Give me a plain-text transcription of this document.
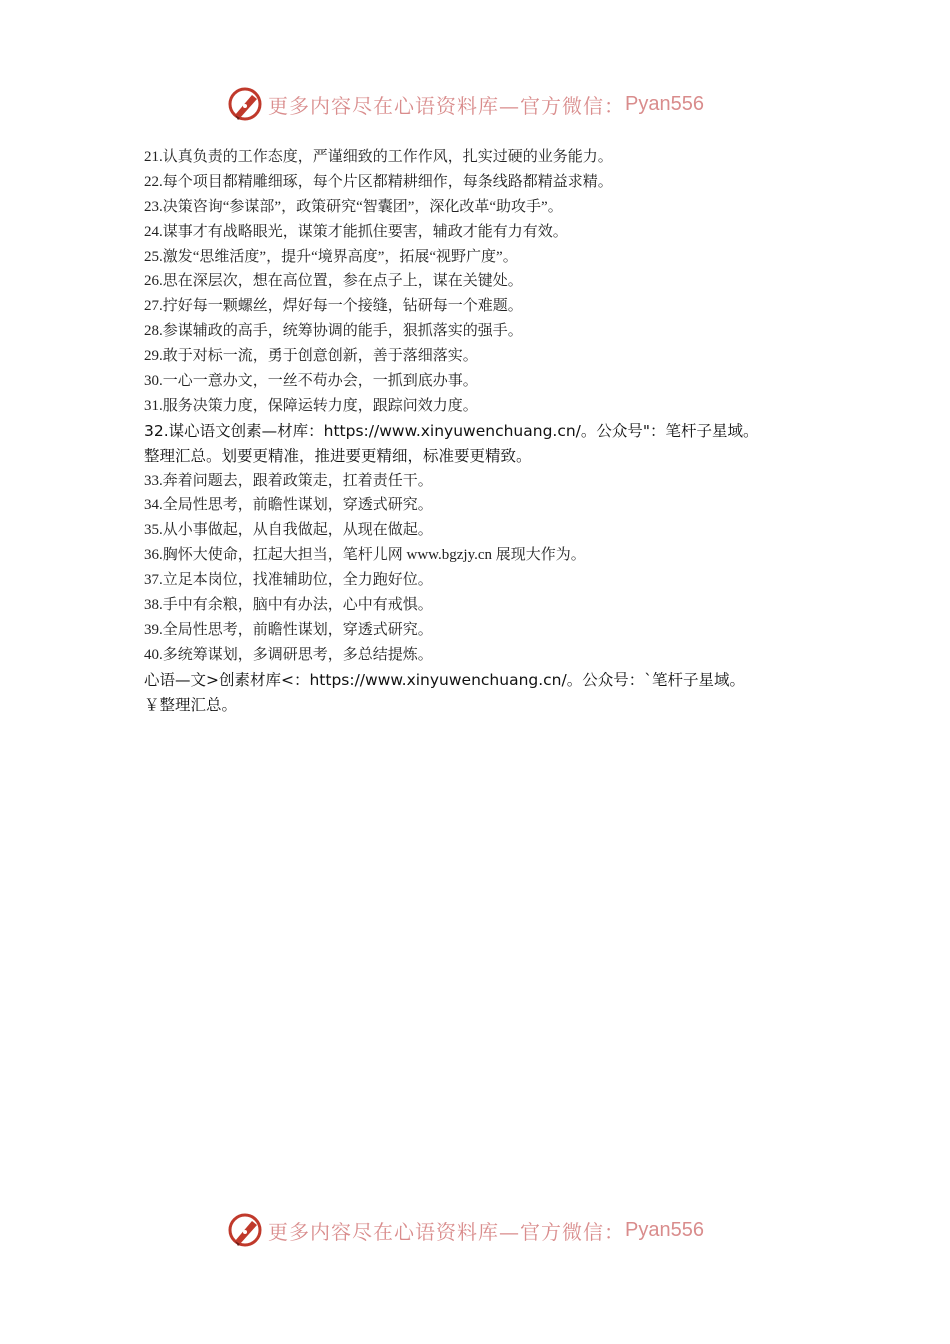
更多内容尽在心语资料库—官方微信： Pyan556
21.认真负责的工作态度，严谨细致的工作作风，扎实过硬的业务能力。
22.每个项目都精雕细琢，每个片区都精耕细作，每条线路都精益求精。
23.决策咨询“参谋部”，政策研究“智囊团”，深化改革“助攻手”。
24.谋事才有战略眼光，谋策才能抓住要害，辅政才能有力有效。
25.激发“思维活度”，提升“境界高度”，拓展“视野广度”。
26.思在深层次，想在高位置，参在点子上，谋在关键处。
27.拧好每一颗螺丝，焊好每一个接缝，钻研每一个难题。
28.参谋辅政的高手，统筹协调的能手，狠抓落实的强手。
29.敢于对标一流，勇于创意创新，善于落细落实。
30.一心一意办文，一丝不苟办会，一抓到底办事。
31.服务决策力度，保障运转力度，跟踪问效力度。
32.谋心语文创素—材库：https://www.xinyuwenchuang.cn/。公众号"：笔杆子星域。
整理汇总。划要更精准，推进要更精细，标准要更精致。
33.奔着问题去，跟着政策走，扛着责任干。
34.全局性思考，前瞻性谋划，穿透式研究。
35.从小事做起，从自我做起，从现在做起。
36.胸怀大使命，扛起大担当，笔杆儿网 www.bgzjy.cn 展现大作为。
37.立足本岗位，找准辅助位，全力跑好位。
38.手中有余粮，脑中有办法，心中有戒惧。
39.全局性思考，前瞻性谋划，穿透式研究。
40.多统筹谋划，多调研思考，多总结提炼。
心语—文>创素材库<：https://www.xinyuwenchuang.cn/。公众号：`笔杆子星域。
￥整理汇总。
更多内容尽在心语资料库—官方微信： Pyan556
